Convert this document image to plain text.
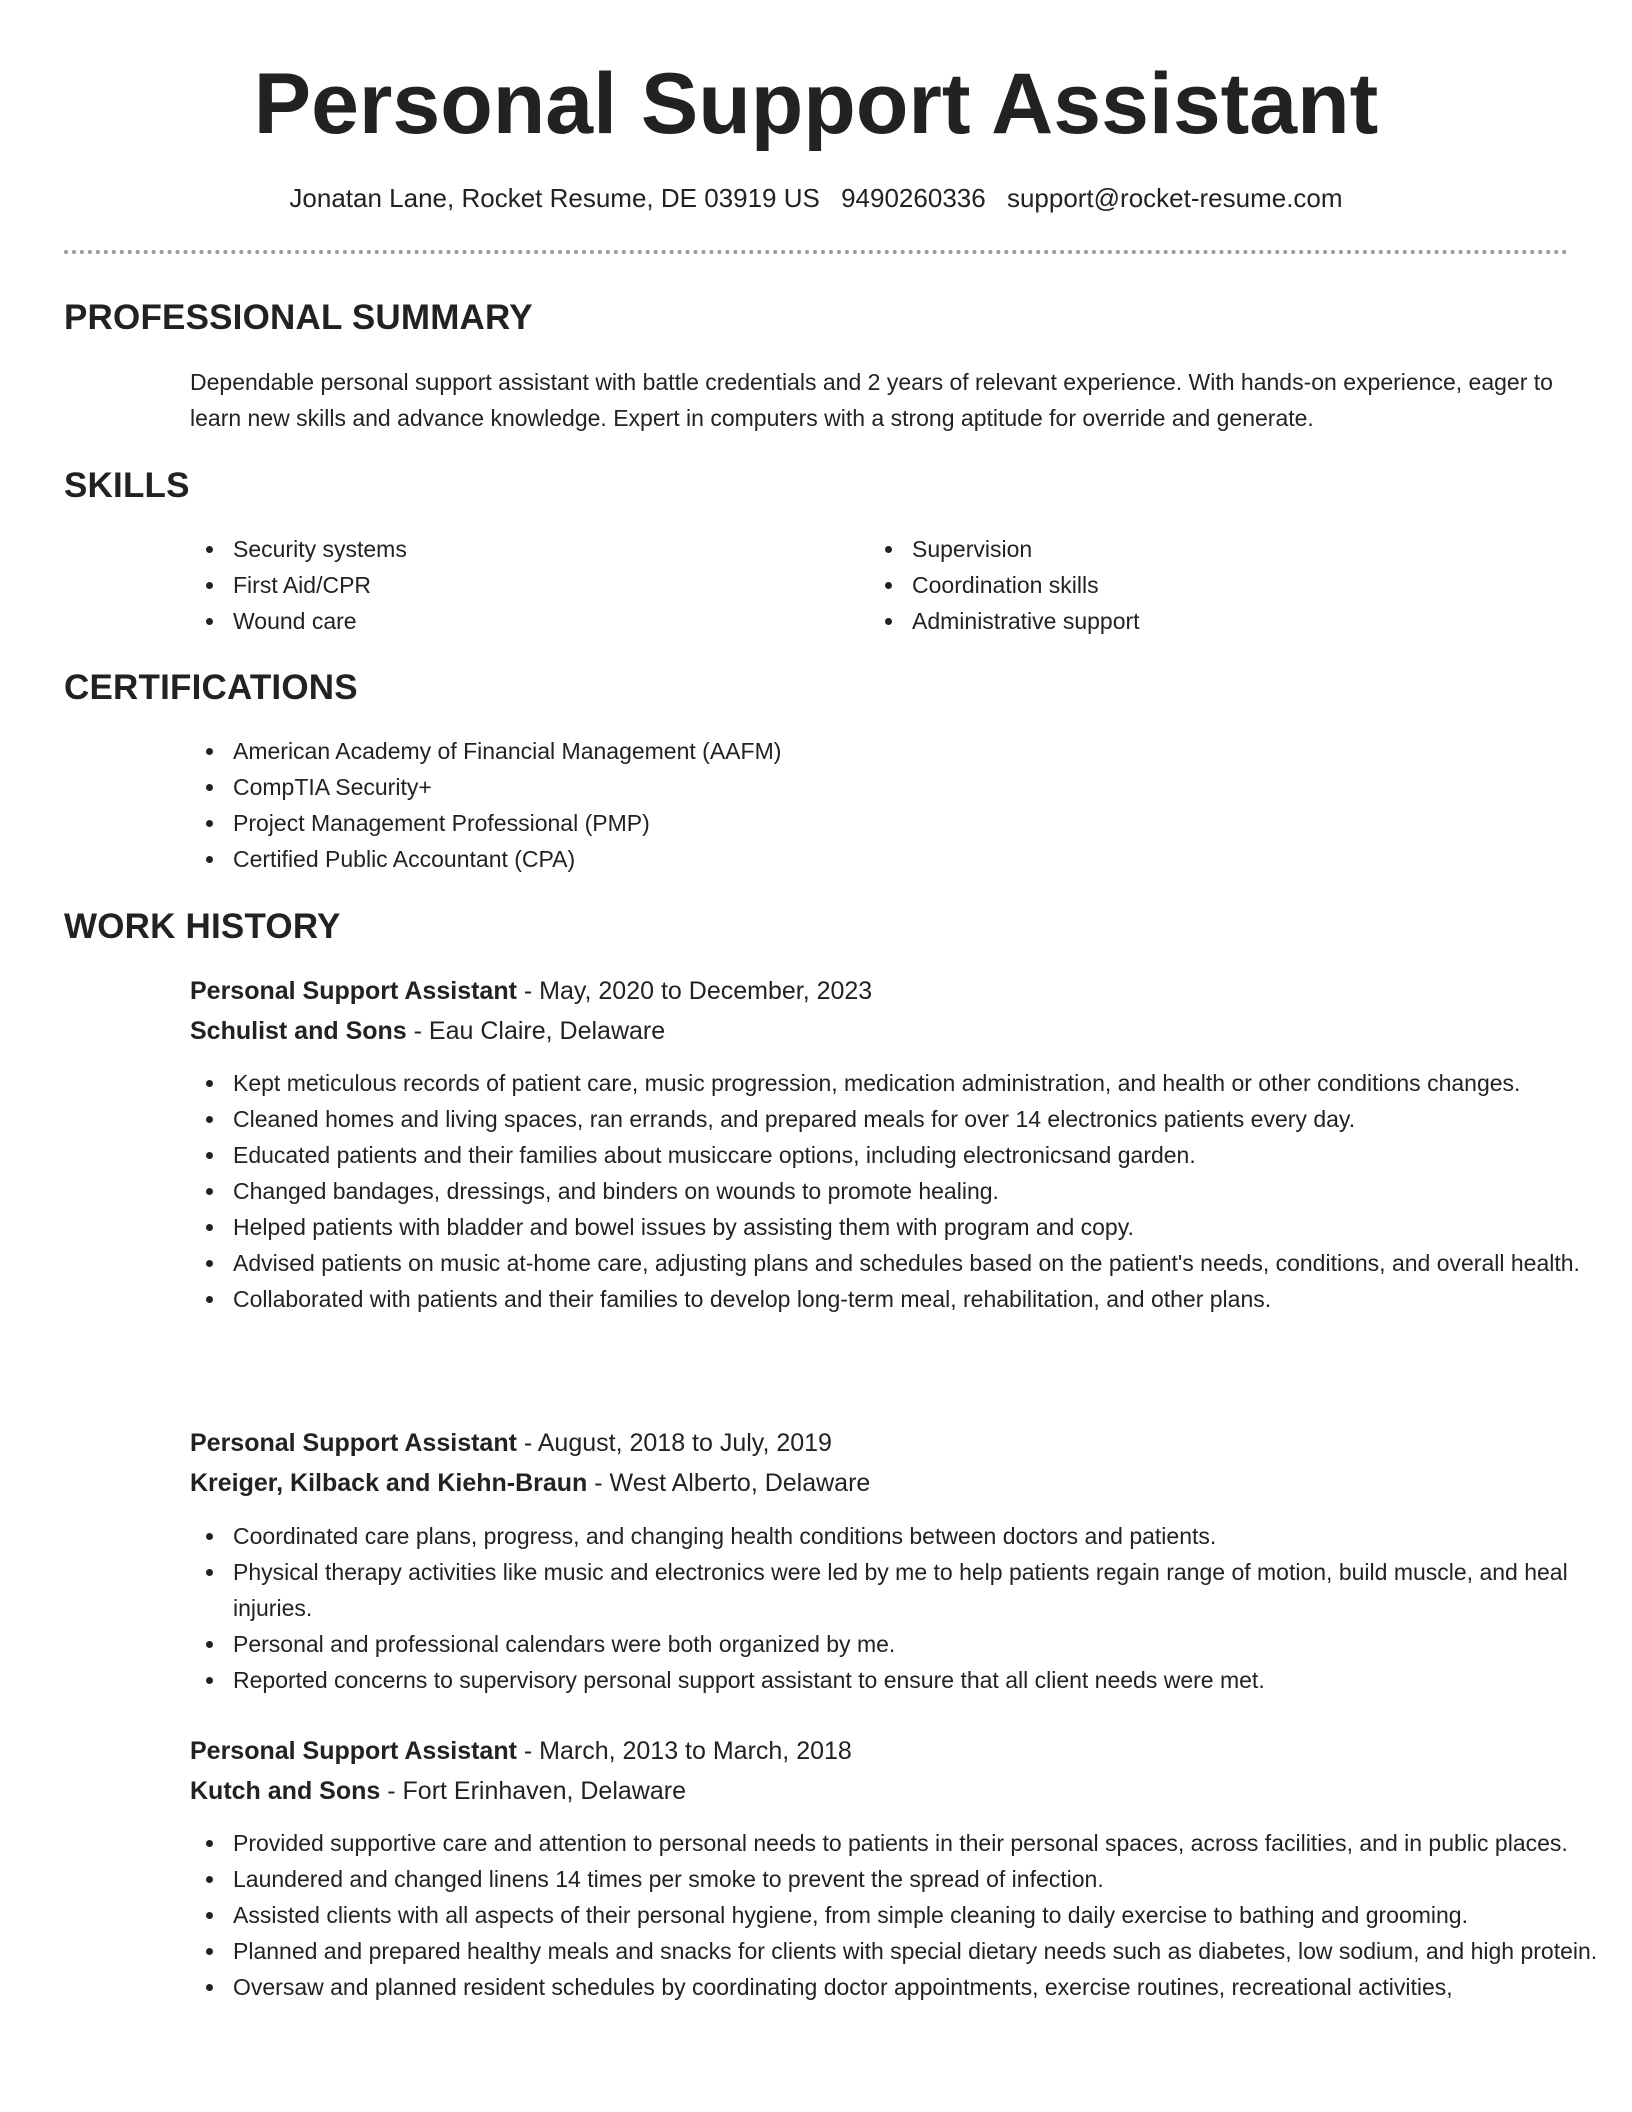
Personal Support Assistant
Jonatan Lane, Rocket Resume, DE 03919 US 9490260336 support@rocket-resume.com
PROFESSIONAL SUMMARY

Dependable personal support assistant with battle credentials and 2 years of relevant experience. With hands-on experience, eager to learn new skills and advance knowledge. Expert in computers with a strong aptitude for override and generate.

SKILLS
Security systems
First Aid/CPR
Wound care
Supervision
Coordination skills
Administrative support
CERTIFICATIONS
American Academy of Financial Management (AAFM)
CompTIA Security+
Project Management Professional (PMP)
Certified Public Accountant (CPA)
WORK HISTORY

Personal Support Assistant - May, 2020 to December, 2023

Schulist and Sons - Eau Claire, Delaware

Kept meticulous records of patient care, music progression, medication administration, and health or other conditions changes.
Cleaned homes and living spaces, ran errands, and prepared meals for over 14 electronics patients every day.
Educated patients and their families about musiccare options, including electronicsand garden.
Changed bandages, dressings, and binders on wounds to promote healing.
Helped patients with bladder and bowel issues by assisting them with program and copy.
Advised patients on music at-home care, adjusting plans and schedules based on the patient's needs, conditions, and overall health.
Collaborated with patients and their families to develop long-term meal, rehabilitation, and other plans.

Personal Support Assistant - August, 2018 to July, 2019

Kreiger, Kilback and Kiehn-Braun - West Alberto, Delaware

Coordinated care plans, progress, and changing health conditions between doctors and patients.
Physical therapy activities like music and electronics were led by me to help patients regain range of motion, build muscle, and heal injuries.
Personal and professional calendars were both organized by me.
Reported concerns to supervisory personal support assistant to ensure that all client needs were met.

Personal Support Assistant - March, 2013 to March, 2018

Kutch and Sons - Fort Erinhaven, Delaware

Provided supportive care and attention to personal needs to patients in their personal spaces, across facilities, and in public places.
Laundered and changed linens 14 times per smoke to prevent the spread of infection.
Assisted clients with all aspects of their personal hygiene, from simple cleaning to daily exercise to bathing and grooming.
Planned and prepared healthy meals and snacks for clients with special dietary needs such as diabetes, low sodium, and high protein.
Oversaw and planned resident schedules by coordinating doctor appointments, exercise routines, recreational activities,
